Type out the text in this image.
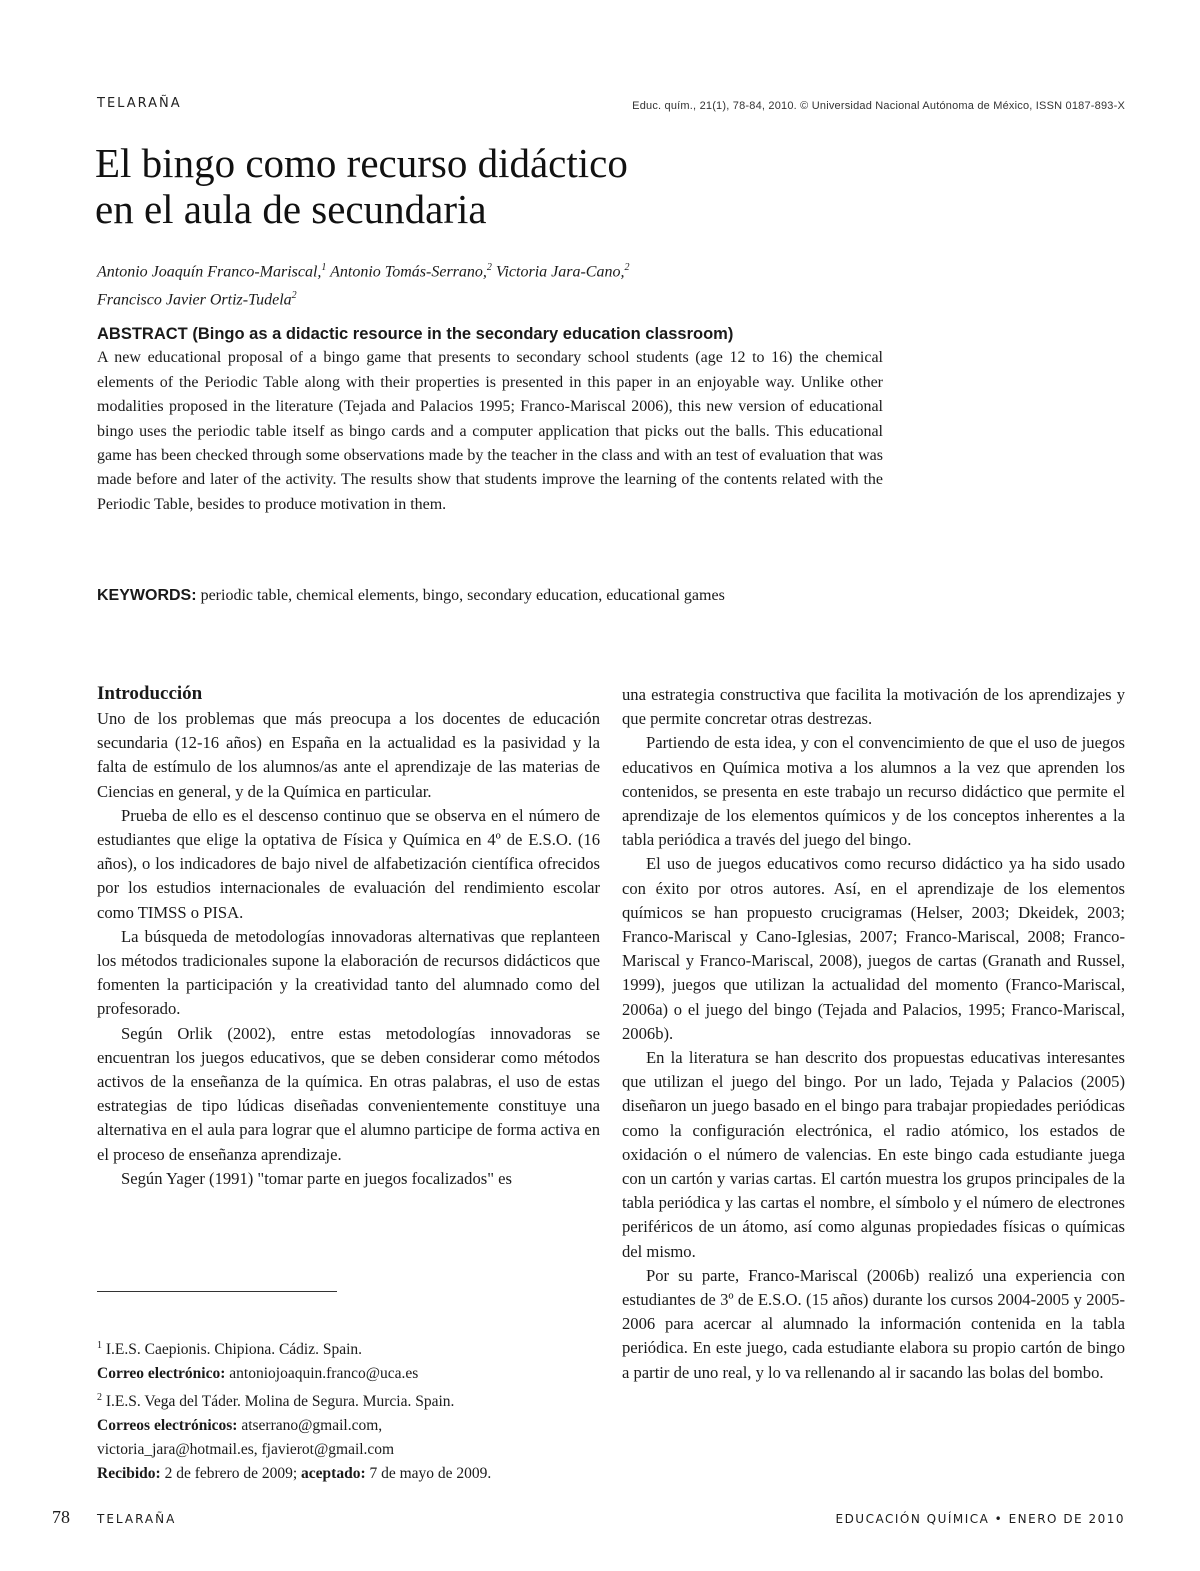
TELARAÑA	Educ. quím., 21(1), 78-84, 2010. © Universidad Nacional Autónoma de México, ISSN 0187-893-X
El bingo como recurso didáctico
en el aula de secundaria
Antonio Joaquín Franco-Mariscal,$^1$ Antonio Tomás-Serrano,$^2$ Victoria Jara-Cano,$^2$
Francisco Javier Ortiz-Tudela$^2$
ABSTRACT (Bingo as a didactic resource in the secondary education classroom)
A new educational proposal of a bingo game that presents to secondary school students (age 12 to 16) the chemical elements of the Periodic Table along with their properties is presented in this paper in an enjoyable way. Unlike other modalities proposed in the literature (Tejada and Palacios 1995; Franco-Mariscal 2006), this new version of educational bingo uses the periodic table itself as bingo cards and a computer application that picks out the balls. This educational game has been checked through some observations made by the teacher in the class and with an test of evaluation that was made before and later of the activity. The results show that students improve the learning of the contents related with the Periodic Table, besides to produce motivation in them.
KEYWORDS: periodic table, chemical elements, bingo, secondary education, educational games
Introducción

Uno de los problemas que más preocupa a los docentes de educación secundaria (12-16 años) en España en la actualidad es la pasividad y la falta de estímulo de los alumnos/as ante el aprendizaje de las materias de Ciencias en general, y de la Química en particular.

Prueba de ello es el descenso continuo que se observa en el número de estudiantes que elige la optativa de Física y Química en 4º de E.S.O. (16 años), o los indicadores de bajo nivel de alfabetización científica ofrecidos por los estudios internacionales de evaluación del rendimiento escolar como TIMSS o PISA.

La búsqueda de metodologías innovadoras alternativas que replanteen los métodos tradicionales supone la elaboración de recursos didácticos que fomenten la participación y la creatividad tanto del alumnado como del profesorado.

Según Orlik (2002), entre estas metodologías innovadoras se encuentran los juegos educativos, que se deben considerar como métodos activos de la enseñanza de la química. En otras palabras, el uso de estas estrategias de tipo lúdicas diseñadas convenientemente constituye una alternativa en el aula para lograr que el alumno participe de forma activa en el proceso de enseñanza aprendizaje.

Según Yager (1991) "tomar parte en juegos focalizados" es

una estrategia constructiva que facilita la motivación de los aprendizajes y que permite concretar otras destrezas.

Partiendo de esta idea, y con el convencimiento de que el uso de juegos educativos en Química motiva a los alumnos a la vez que aprenden los contenidos, se presenta en este trabajo un recurso didáctico que permite el aprendizaje de los elementos químicos y de los conceptos inherentes a la tabla periódica a través del juego del bingo.

El uso de juegos educativos como recurso didáctico ya ha sido usado con éxito por otros autores. Así, en el aprendizaje de los elementos químicos se han propuesto crucigramas (Helser, 2003; Dkeidek, 2003; Franco-Mariscal y Cano-Iglesias, 2007; Franco-Mariscal, 2008; Franco-Mariscal y Franco-Mariscal, 2008), juegos de cartas (Granath and Russel, 1999), juegos que utilizan la actualidad del momento (Franco-Mariscal, 2006a) o el juego del bingo (Tejada and Palacios, 1995; Franco-Mariscal, 2006b).

En la literatura se han descrito dos propuestas educativas interesantes que utilizan el juego del bingo. Por un lado, Tejada y Palacios (2005) diseñaron un juego basado en el bingo para trabajar propiedades periódicas como la configuración electrónica, el radio atómico, los estados de oxidación o el número de valencias. En este bingo cada estudiante juega con un cartón y varias cartas. El cartón muestra los grupos principales de la tabla periódica y las cartas el nombre, el símbolo y el número de electrones periféricos de un átomo, así como algunas propiedades físicas o químicas del mismo.

Por su parte, Franco-Mariscal (2006b) realizó una experiencia con estudiantes de 3º de E.S.O. (15 años) durante los cursos 2004-2005 y 2005-2006 para acercar al alumnado la información contenida en la tabla periódica. En este juego, cada estudiante elabora su propio cartón de bingo a partir de uno real, y lo va rellenando al ir sacando las bolas del bombo.

$^1$ I.E.S. Caepionis. Chipiona. Cádiz. Spain.
Correo electrónico: antoniojoaquin.franco@uca.es
$^2$ I.E.S. Vega del Táder. Molina de Segura. Murcia. Spain.
Correos electrónicos: atserrano@gmail.com,
victoria_jara@hotmail.es, fjavierot@gmail.com
Recibido: 2 de febrero de 2009; aceptado: 7 de mayo de 2009.
78 TELARAÑA	EDUCACIÓN QUÍMICA • ENERO DE 2010
